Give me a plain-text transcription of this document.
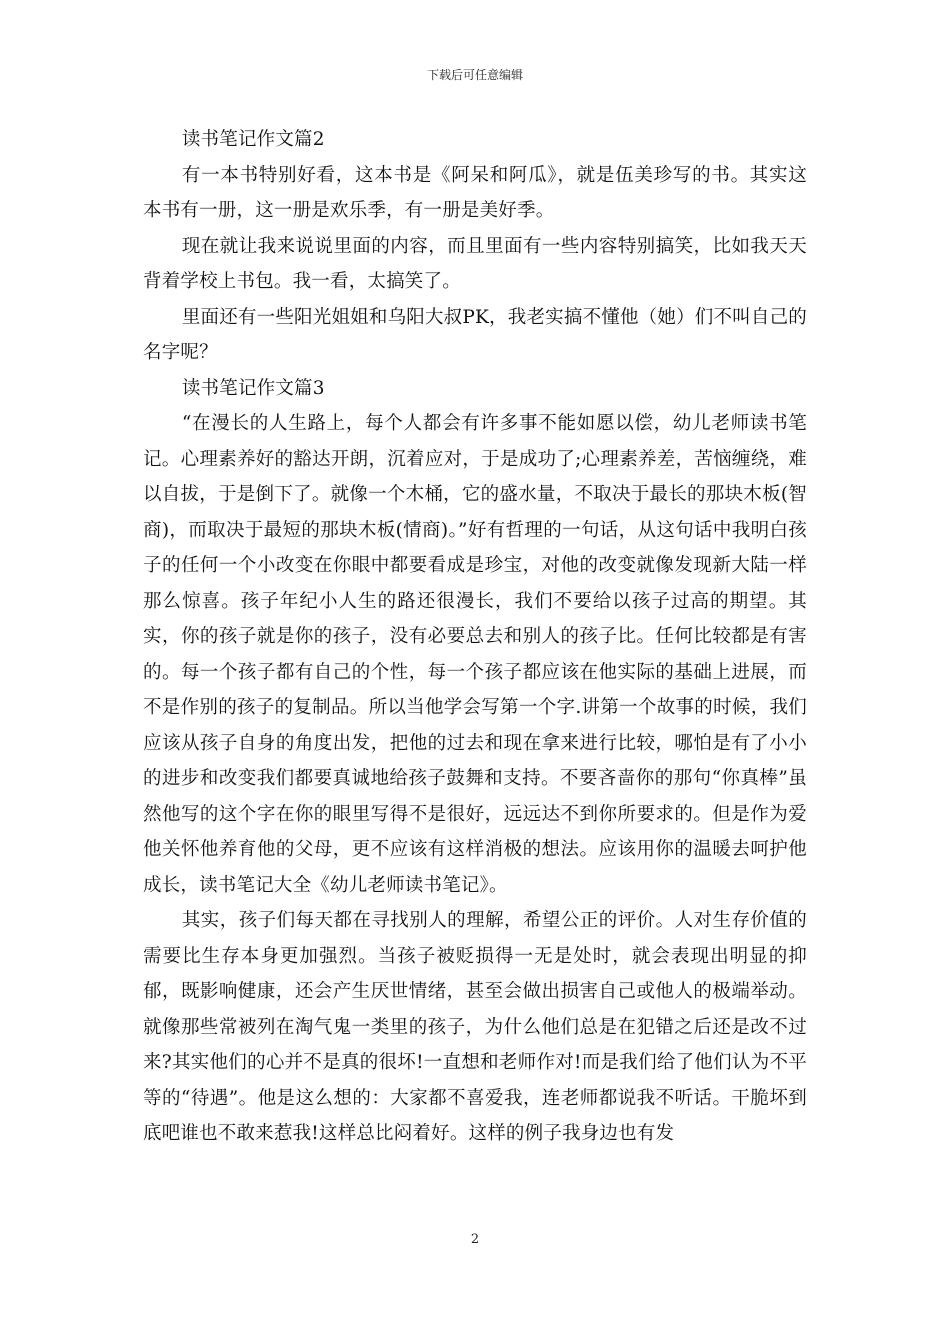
下载后可任意编辑

读书笔记作文篇2

有一本书特别好看，这本书是《阿呆和阿瓜》，就是伍美珍写的书。其实这本书有一册，这一册是欢乐季，有一册是美好季。

现在就让我来说说里面的内容，而且里面有一些内容特别搞笑，比如我天天背着学校上书包。我一看，太搞笑了。

里面还有一些阳光姐姐和乌阳大叔PK，我老实搞不懂他（她）们不叫自己的名字呢？

读书笔记作文篇3

“在漫长的人生路上，每个人都会有许多事不能如愿以偿，幼儿老师读书笔记。心理素养好的豁达开朗，沉着应对，于是成功了;心理素养差，苦恼缠绕，难以自拔，于是倒下了。就像一个木桶，它的盛水量，不取决于最长的那块木板(智商)，而取决于最短的那块木板(情商)。”好有哲理的一句话，从这句话中我明白孩子的任何一个小改变在你眼中都要看成是珍宝，对他的改变就像发现新大陆一样那么惊喜。孩子年纪小人生的路还很漫长，我们不要给以孩子过高的期望。其实，你的孩子就是你的孩子，没有必要总去和别人的孩子比。任何比较都是有害的。每一个孩子都有自己的个性，每一个孩子都应该在他实际的基础上进展，而不是作别的孩子的复制品。所以当他学会写第一个字.讲第一个故事的时候，我们应该从孩子自身的角度出发，把他的过去和现在拿来进行比较，哪怕是有了小小的进步和改变我们都要真诚地给孩子鼓舞和支持。不要吝啬你的那句“你真棒”虽然他写的这个字在你的眼里写得不是很好，远远达不到你所要求的。但是作为爱他关怀他养育他的父母，更不应该有这样消极的想法。应该用你的温暖去呵护他成长，读书笔记大全《幼儿老师读书笔记》。

其实，孩子们每天都在寻找别人的理解，希望公正的评价。人对生存价值的需要比生存本身更加强烈。当孩子被贬损得一无是处时，就会表现出明显的抑郁，既影响健康，还会产生厌世情绪，甚至会做出损害自己或他人的极端举动。就像那些常被列在淘气鬼一类里的孩子，为什么他们总是在犯错之后还是改不过来?其实他们的心并不是真的很坏!一直想和老师作对!而是我们给了他们认为不平等的“待遇”。他是这么想的：大家都不喜爱我，连老师都说我不听话。干脆坏到底吧谁也不敢来惹我!这样总比闷着好。这样的例子我身边也有发

2
